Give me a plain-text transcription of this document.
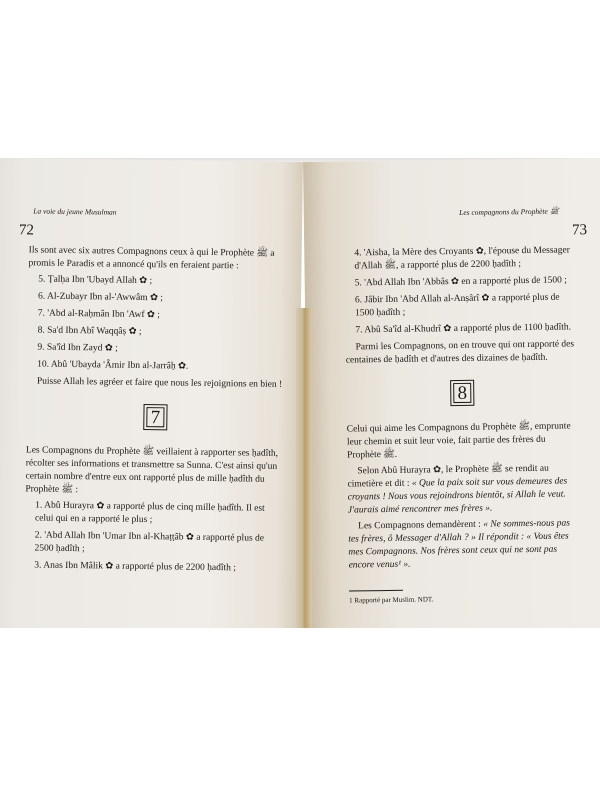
La voie du jeune Musulman
72

Ils sont avec six autres Compagnons ceux à qui le Prophète ﷺ a promis le Paradis et a annoncé qu'ils en feraient partie :

5. Ṭalḥa Ibn 'Ubayd Allah ✿ ;

6. Al-Zubayr Ibn al-'Awwâm ✿ ;

7. 'Abd al-Raḥmân Ibn 'Awf ✿ ;

8. Sa'd Ibn Abî Waqqâṣ ✿ ;

9. Sa'îd Ibn Zayd ✿ ;

10. Abû 'Ubayda 'Âmir Ibn al-Jarrâḥ ✿.

Puisse Allah les agréer et faire que nous les rejoignions en bien !

7

Les Compagnons du Prophète ﷺ veillaient à rapporter ses ḥadîth, récolter ses informations et transmettre sa Sunna. C'est ainsi qu'un certain nombre d'entre eux ont rapporté plus de mille ḥadîth du Prophète ﷺ :

1. Abû Hurayra ✿ a rapporté plus de cinq mille ḥadîth. Il est celui qui en a rapporté le plus ;

2. 'Abd Allah Ibn 'Umar Ibn al-Khaṭṭâb ✿ a rapporté plus de 2500 ḥadîth ;

3. Anas Ibn Mâlik ✿ a rapporté plus de 2200 ḥadîth ;

Les compagnons du Prophète ﷺ
73

4. 'Aisha, la Mère des Croyants ✿, l'épouse du Messager d'Allah ﷺ, a rapporté plus de 2200 ḥadîth ;

5. 'Abd Allah Ibn 'Abbâs ✿ en a rapporté plus de 1500 ;

6. Jâbir Ibn 'Abd Allah al-Anṣârî ✿ a rapporté plus de 1500 ḥadîth ;

7. Abû Sa'îd al-Khudrî ✿ a rapporté plus de 1100 ḥadîth.

Parmi les Compagnons, on en trouve qui ont rapporté des centaines de ḥadîth et d'autres des dizaines de ḥadîth.

8

Celui qui aime les Compagnons du Prophète ﷺ, emprunte leur chemin et suit leur voie, fait partie des frères du Prophète ﷺ.

Selon Abû Hurayra ✿, le Prophète ﷺ se rendit au cimetière et dit : « Que la paix soit sur vous demeures des croyants ! Nous vous rejoindrons bientôt, si Allah le veut. J'aurais aimé rencontrer mes frères ».

Les Compagnons demandèrent : « Ne sommes-nous pas tes frères, ô Messager d'Allah ? » Il répondit : « Vous êtes mes Compagnons. Nos frères sont ceux qui ne sont pas encore venus¹ ».

1 Rapporté par Muslim. NDT.
